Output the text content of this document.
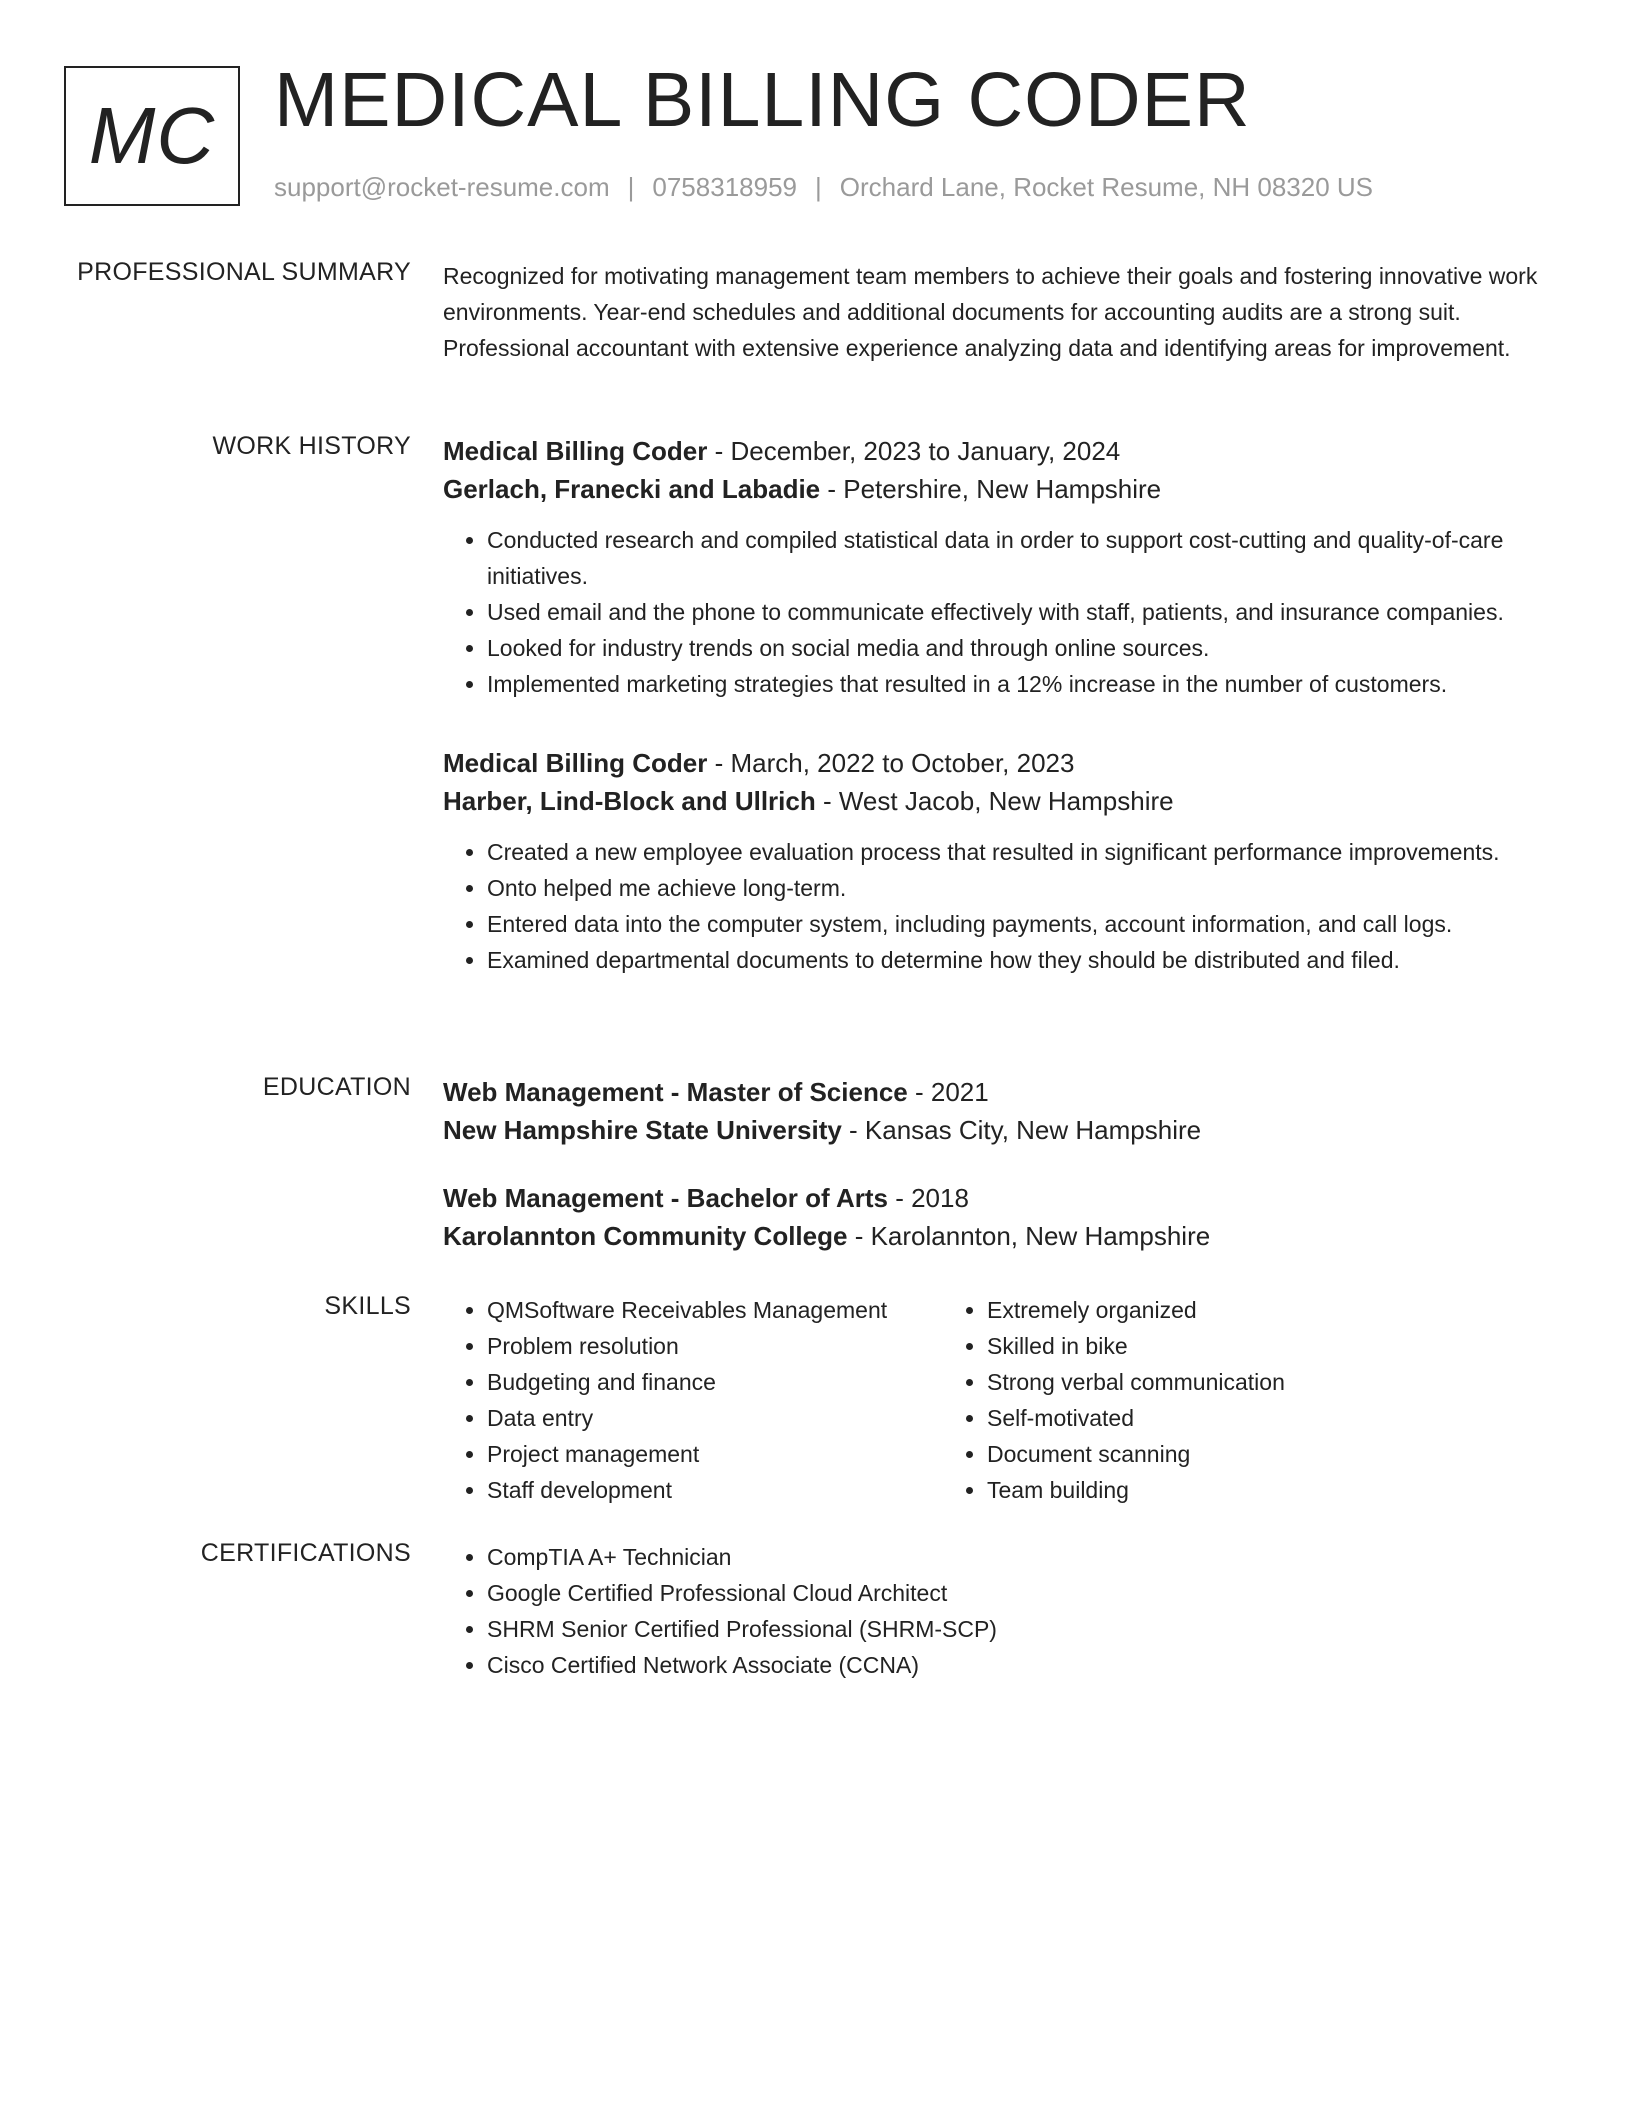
MC MEDICAL BILLING CODER
support@rocket-resume.com | 0758318959 | Orchard Lane, Rocket Resume, NH 08320 US
PROFESSIONAL SUMMARY Recognized for motivating management team members to achieve their goals and fostering innovative work environments. Year-end schedules and additional documents for accounting audits are a strong suit. Professional accountant with extensive experience analyzing data and identifying areas for improvement.

WORK HISTORY Medical Billing Coder - December, 2023 to January, 2024
Gerlach, Franecki and Labadie - Petershire, New Hampshire
• Conducted research and compiled statistical data in order to support cost-cutting and quality-of-care initiatives.
• Used email and the phone to communicate effectively with staff, patients, and insurance companies.
• Looked for industry trends on social media and through online sources.
• Implemented marketing strategies that resulted in a 12% increase in the number of customers.
Medical Billing Coder - March, 2022 to October, 2023
Harber, Lind-Block and Ullrich - West Jacob, New Hampshire
• Created a new employee evaluation process that resulted in significant performance improvements.
• Onto helped me achieve long-term.
• Entered data into the computer system, including payments, account information, and call logs.
• Examined departmental documents to determine how they should be distributed and filed.
EDUCATION Web Management - Master of Science - 2021
New Hampshire State University - Kansas City, New Hampshire
Web Management - Bachelor of Arts - 2018
Karolannton Community College - Karolannton, New Hampshire
SKILLS	• QMSoftware Receivables Management
• Problem resolution
• Budgeting and finance
• Data entry
• Project management
• Staff development
• Extremely organized
• Skilled in bike
• Strong verbal communication
• Self-motivated
• Document scanning
• Team building
CERTIFICATIONS	• CompTIA A+ Technician
• Google Certified Professional Cloud Architect
• SHRM Senior Certified Professional (SHRM-SCP)
• Cisco Certified Network Associate (CCNA)
